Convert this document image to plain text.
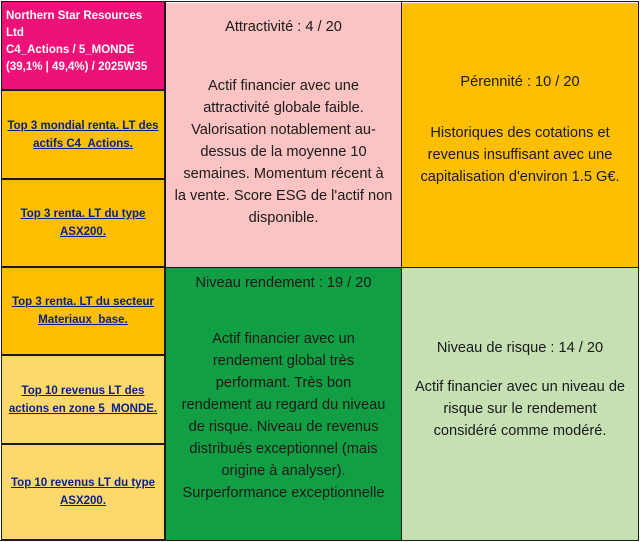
Northern Star Resources
Ltd
C4_Actions / 5_MONDE
(39,1% | 49,4%) / 2025W35
Top 3 mondial renta. LT des
actifs C4_Actions.
Top 3 renta. LT du type
ASX200.
Top 3 renta. LT du secteur
Materiaux_base.
Top 10 revenus LT des
actions en zone 5_MONDE.
Top 10 revenus LT du type
ASX200.
Attractivité : 4 / 20
Actif financier avec une
attractivité globale faible.
Valorisation notablement au-
dessus de la moyenne 10
semaines. Momentum récent à
la vente. Score ESG de l'actif non
disponible.
Pérennité : 10 / 20
Historiques des cotations et
revenus insuffisant avec une
capitalisation d'environ 1.5 G€.
Niveau rendement : 19 / 20
Actif financier avec un
rendement global très
performant. Très bon
rendement au regard du niveau
de risque. Niveau de revenus
distribués exceptionnel (mais
origine à analyser).
Surperformance exceptionnelle
Niveau de risque : 14 / 20
Actif financier avec un niveau de
risque sur le rendement
considéré comme modéré.
